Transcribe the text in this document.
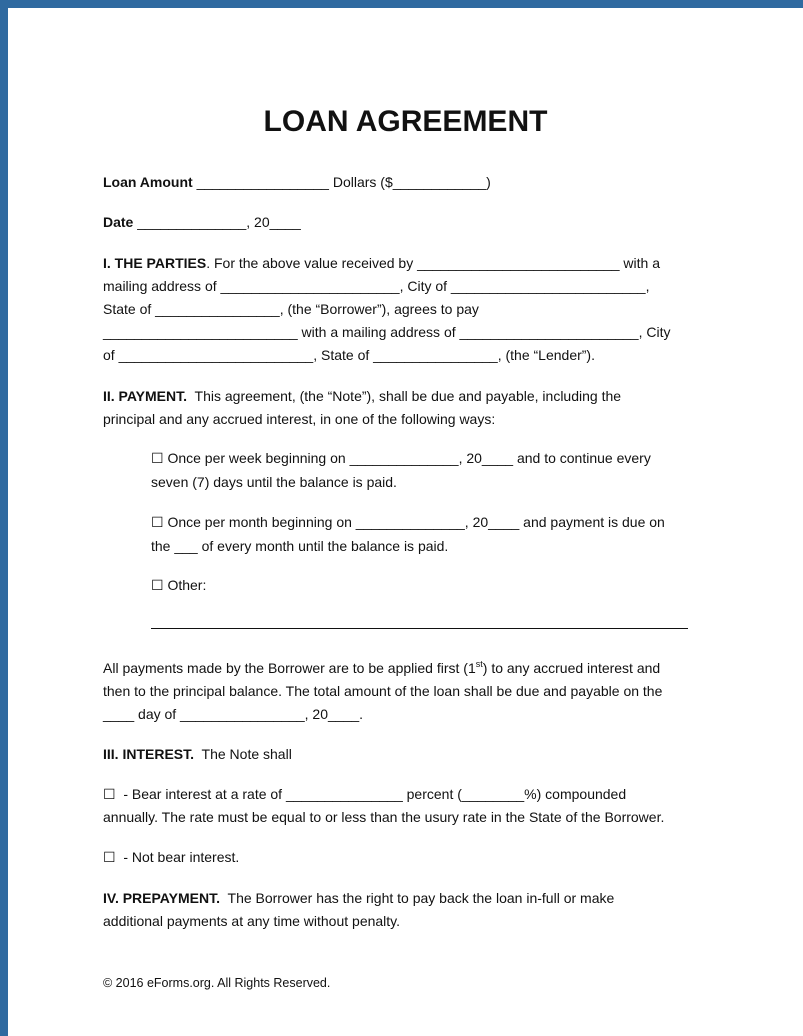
LOAN AGREEMENT

Loan Amount _________________ Dollars ($____________)

Date ______________, 20____

I. THE PARTIES. For the above value received by __________________________ with a

mailing address of _______________________, City of _________________________,

State of ________________, (the “Borrower”), agrees to pay

_________________________ with a mailing address of _______________________, City

of _________________________, State of ________________, (the “Lender”).

II. PAYMENT.  This agreement, (the “Note”), shall be due and payable, including the

principal and any accrued interest, in one of the following ways:

☐ Once per week beginning on ______________, 20____ and to continue every

seven (7) days until the balance is paid.

☐ Once per month beginning on ______________, 20____ and payment is due on

the ___ of every month until the balance is paid.

☐ Other:

All payments made by the Borrower are to be applied first (1st) to any accrued interest and

then to the principal balance. The total amount of the loan shall be due and payable on the

____ day of ________________, 20____.

III. INTEREST.  The Note shall

☐  - Bear interest at a rate of _______________ percent (________%) compounded

annually. The rate must be equal to or less than the usury rate in the State of the Borrower.

☐  - Not bear interest.

IV. PREPAYMENT.  The Borrower has the right to pay back the loan in-full or make

additional payments at any time without penalty.

© 2016 eForms.org. All Rights Reserved.
